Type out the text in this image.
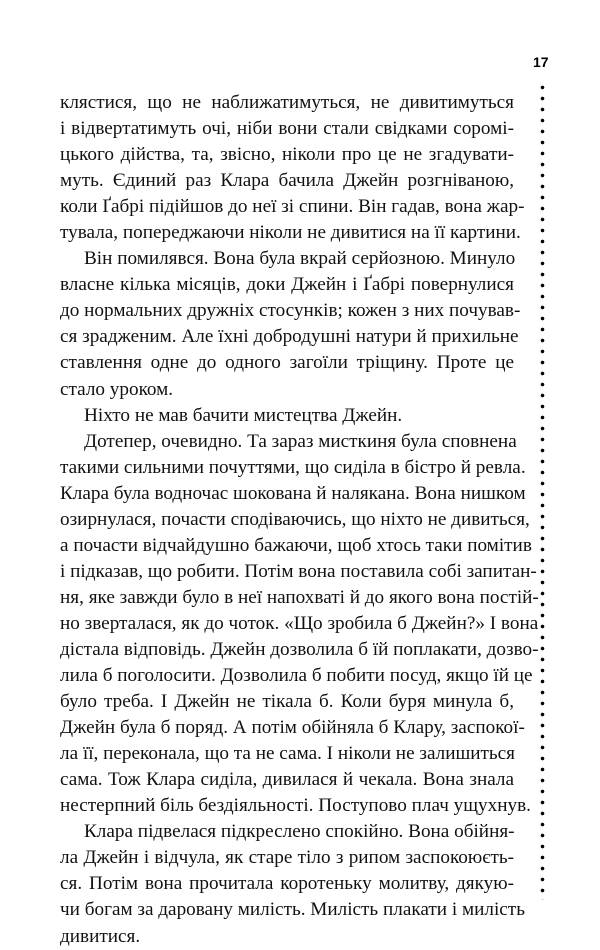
17
клястися, що не наближатимуться, не дивитимуться
і відвертатимуть очі, ніби вони стали свідками соромі-
цького дійства, та, звісно, ніколи про це не згадувати-
муть. Єдиний раз Клара бачила Джейн розгніваною,
коли Ґабрі підійшов до неї зі спини. Він гадав, вона жар-
тувала, попереджаючи ніколи не дивитися на її картини.
Він помилявся. Вона була вкрай серйозною. Минуло
власне кілька місяців, доки Джейн і Ґабрі повернулися
до нормальних дружніх стосунків; кожен з них почував-
ся зрадженим. Але їхні добродушні натури й прихильне
ставлення одне до одного загоїли тріщину. Проте це
стало уроком.
Ніхто не мав бачити мистецтва Джейн.
Дотепер, очевидно. Та зараз мисткиня була сповнена
такими сильними почуттями, що сиділа в бістро й ревла.
Клара була водночас шокована й налякана. Вона нишком
озирнулася, почасти сподіваючись, що ніхто не дивиться,
а почасти відчайдушно бажаючи, щоб хтось таки помітив
і підказав, що робити. Потім вона поставила собі запитан-
ня, яке завжди було в неї напохваті й до якого вона постій-
но зверталася, як до чоток. «Що зробила б Джейн?» І вона
дістала відповідь. Джейн дозволила б їй поплакати, дозво-
лила б поголосити. Дозволила б побити посуд, якщо їй це
було треба. І Джейн не тікала б. Коли буря минула б,
Джейн була б поряд. А потім обійняла б Клару, заспокої-
ла її, переконала, що та не сама. І ніколи не залишиться
сама. Тож Клара сиділа, дивилася й чекала. Вона знала
нестерпний біль бездіяльності. Поступово плач ущухнув.
Клара підвелася підкреслено спокійно. Вона обійня-
ла Джейн і відчула, як старе тіло з рипом заспокоюєть-
ся. Потім вона прочитала коротеньку молитву, дякую-
чи богам за даровану милість. Милість плакати і милість
дивитися.
